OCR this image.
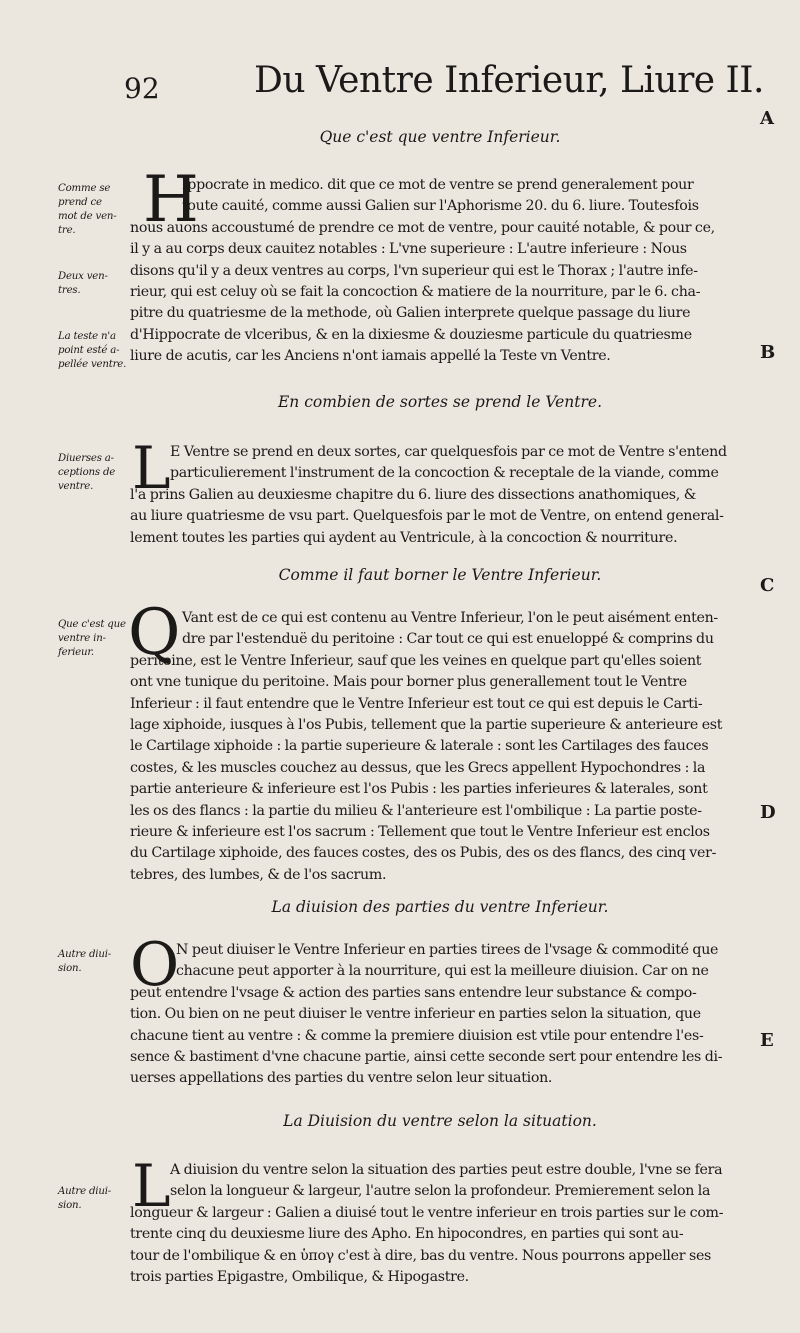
92	Du Ventre Inferieur, Liure II.
A
B
C
D
E
Que c'est que ventre Inferieur.
H
Ippocrate in medico. dit que ce mot de ventre se prend generalement pour
toute cauité, comme aussi Galien sur l'Aphorisme 20. du 6. liure. Toutesfois
nous auons accoustumé de prendre ce mot de ventre, pour cauité notable, & pour ce,
il y a au corps deux cauitez notables : L'vne superieure : L'autre inferieure : Nous
disons qu'il y a deux ventres au corps, l'vn superieur qui est le Thorax ; l'autre infe-
rieur, qui est celuy où se fait la concoction & matiere de la nourriture, par le 6. cha-
pitre du quatriesme de la methode, où Galien interprete quelque passage du liure
d'Hippocrate de vlceribus, & en la dixiesme & douziesme particule du quatriesme
liure de acutis, car les Anciens n'ont iamais appellé la Teste vn Ventre.
Comme se
prend ce
mot de ven-
tre.
Deux ven-
tres.
La teste n'a
point esté a-
pellée ventre.
En combien de sortes se prend le Ventre.
L E Ventre se prend en deux sortes, car quelquesfois par ce mot de Ventre s'entend
particulierement l'instrument de la concoction & receptale de la viande, comme
l'a prins Galien au deuxiesme chapitre du 6. liure des dissections anathomiques, &
au liure quatriesme de vsu part. Quelquesfois par le mot de Ventre, on entend general-
lement toutes les parties qui aydent au Ventricule, à la concoction & nourriture.
Diuerses a-
ceptions de
ventre.
Comme il faut borner le Ventre Inferieur.
Q Vant est de ce qui est contenu au Ventre Inferieur, l'on le peut aisément enten-
dre par l'estenduë du peritoine : Car tout ce qui est enueloppé & comprins du
peritoine, est le Ventre Inferieur, sauf que les veines en quelque part qu'elles soient
ont vne tunique du peritoine. Mais pour borner plus generallement tout le Ventre
Inferieur : il faut entendre que le Ventre Inferieur est tout ce qui est depuis le Carti-
lage xiphoide, iusques à l'os Pubis, tellement que la partie superieure & anterieure est
le Cartilage xiphoide : la partie superieure & laterale : sont les Cartilages des fauces
costes, & les muscles couchez au dessus, que les Grecs appellent Hypochondres : la
partie anterieure & inferieure est l'os Pubis : les parties inferieures & laterales, sont
les os des flancs : la partie du milieu & l'anterieure est l'ombilique : La partie poste-
rieure & inferieure est l'os sacrum : Tellement que tout le Ventre Inferieur est enclos
du Cartilage xiphoide, des fauces costes, des os Pubis, des os des flancs, des cinq ver-
tebres, des lumbes, & de l'os sacrum.
Que c'est que
ventre in-
ferieur.
La diuision des parties du ventre Inferieur.
O
N peut diuiser le Ventre Inferieur en parties tirees de l'vsage & commodité que
chacune peut apporter à la nourriture, qui est la meilleure diuision. Car on ne
peut entendre l'vsage & action des parties sans entendre leur substance & compo-
tion. Ou bien on ne peut diuiser le ventre inferieur en parties selon la situation, que
chacune tient au ventre : & comme la premiere diuision est vtile pour entendre l'es-
sence & bastiment d'vne chacune partie, ainsi cette seconde sert pour entendre les di-
uerses appellations des parties du ventre selon leur situation.
Autre diui-
sion.
La Diuision du ventre selon la situation.
L A diuision du ventre selon la situation des parties peut estre double, l'vne se fera
selon la longueur & largeur, l'autre selon la profondeur. Premierement selon la
longueur & largeur : Galien a diuisé tout le ventre inferieur en trois parties sur le com-
trente cinq du deuxiesme liure des Apho. En hipocondres, en parties qui sont au-
tour de l'ombilique & en ὑπογ c'est à dire, bas du ventre. Nous pourrons appeller ses
trois parties Epigastre, Ombilique, & Hipogastre.
Autre diui-
sion.
